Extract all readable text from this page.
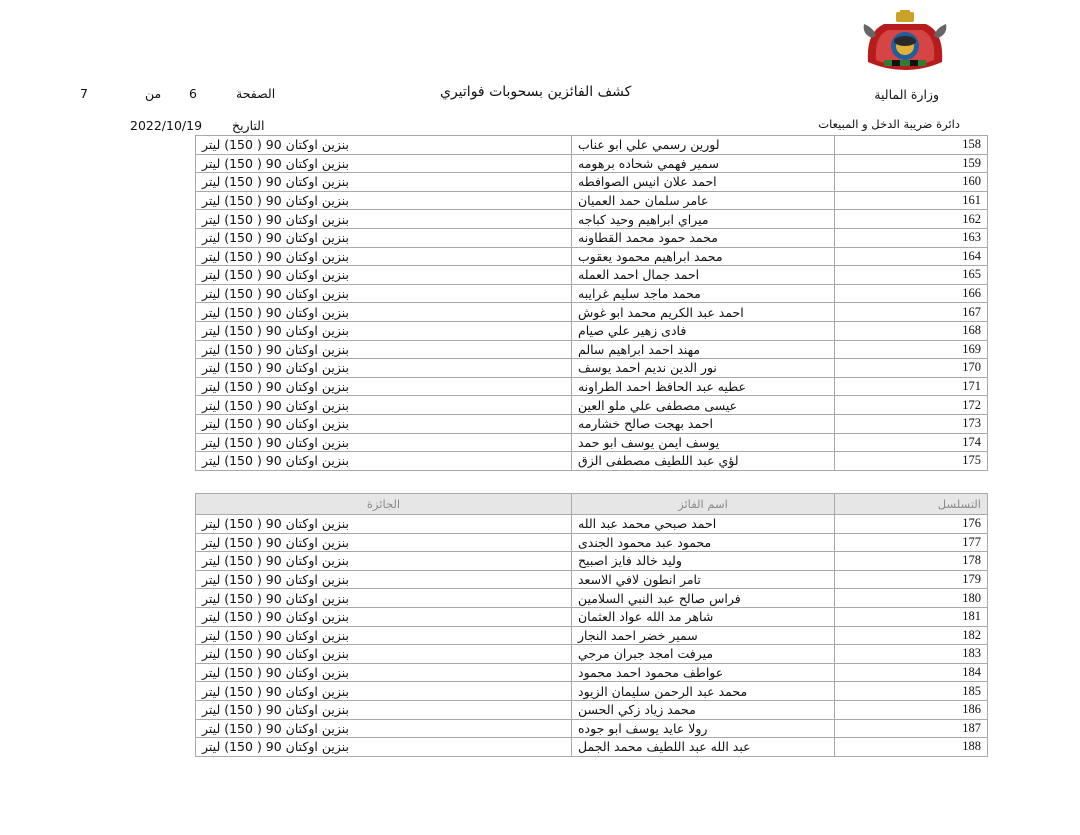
وزارة المالية
دائرة ضريبة الدخل و المبيعات
كشف الفائزين بسحوبات فواتيري
الصفحة
6
من
7
التاريخ
2022/10/19
158	لورين رسمي علي ابو عناب	بنزين اوكتان 90 ( 150) ليتر
159	سمير فهمي شحاده برهومه	بنزين اوكتان 90 ( 150) ليتر
160	احمد علان انيس الصوافطه	بنزين اوكتان 90 ( 150) ليتر
161	عامر سلمان حمد العميان	بنزين اوكتان 90 ( 150) ليتر
162	ميراي ابراهيم وحيد كباجه	بنزين اوكتان 90 ( 150) ليتر
163	محمد حمود محمد القطاونه	بنزين اوكتان 90 ( 150) ليتر
164	محمد ابراهيم محمود يعقوب	بنزين اوكتان 90 ( 150) ليتر
165	احمد جمال احمد العمله	بنزين اوكتان 90 ( 150) ليتر
166	محمد ماجد سليم غرايبه	بنزين اوكتان 90 ( 150) ليتر
167	احمد عبد الكريم محمد ابو غوش	بنزين اوكتان 90 ( 150) ليتر
168	فادى زهير علي صيام	بنزين اوكتان 90 ( 150) ليتر
169	مهند احمد ابراهيم سالم	بنزين اوكتان 90 ( 150) ليتر
170	نور الدين نديم احمد يوسف	بنزين اوكتان 90 ( 150) ليتر
171	عطيه عبد الحافظ احمد الطراونه	بنزين اوكتان 90 ( 150) ليتر
172	عيسى مصطفى علي ملو العين	بنزين اوكتان 90 ( 150) ليتر
173	احمد بهجت صالح خشارمه	بنزين اوكتان 90 ( 150) ليتر
174	يوسف ايمن يوسف ابو حمد	بنزين اوكتان 90 ( 150) ليتر
175	لؤي عبد اللطيف مصطفى الزق	بنزين اوكتان 90 ( 150) ليتر
التسلسل	اسم الفائز	الجائزة
176	احمد صبحي محمد عبد الله	بنزين اوكتان 90 ( 150) ليتر
177	محمود عبد محمود الجندى	بنزين اوكتان 90 ( 150) ليتر
178	وليد خالد فايز اصبيح	بنزين اوكتان 90 ( 150) ليتر
179	تامر انطون لافي الاسعد	بنزين اوكتان 90 ( 150) ليتر
180	فراس صالح عبد النبي السلامين	بنزين اوكتان 90 ( 150) ليتر
181	شاهر مد الله عواد العثمان	بنزين اوكتان 90 ( 150) ليتر
182	سمير خضر احمد النجار	بنزين اوكتان 90 ( 150) ليتر
183	ميرفت امجد جبران مرجي	بنزين اوكتان 90 ( 150) ليتر
184	عواطف محمود احمد محمود	بنزين اوكتان 90 ( 150) ليتر
185	محمد عبد الرحمن سليمان الزيود	بنزين اوكتان 90 ( 150) ليتر
186	محمد زياد زكي الحسن	بنزين اوكتان 90 ( 150) ليتر
187	رولا عايد يوسف ابو جوده	بنزين اوكتان 90 ( 150) ليتر
188	عبد الله عبد اللطيف محمد الجمل	بنزين اوكتان 90 ( 150) ليتر
